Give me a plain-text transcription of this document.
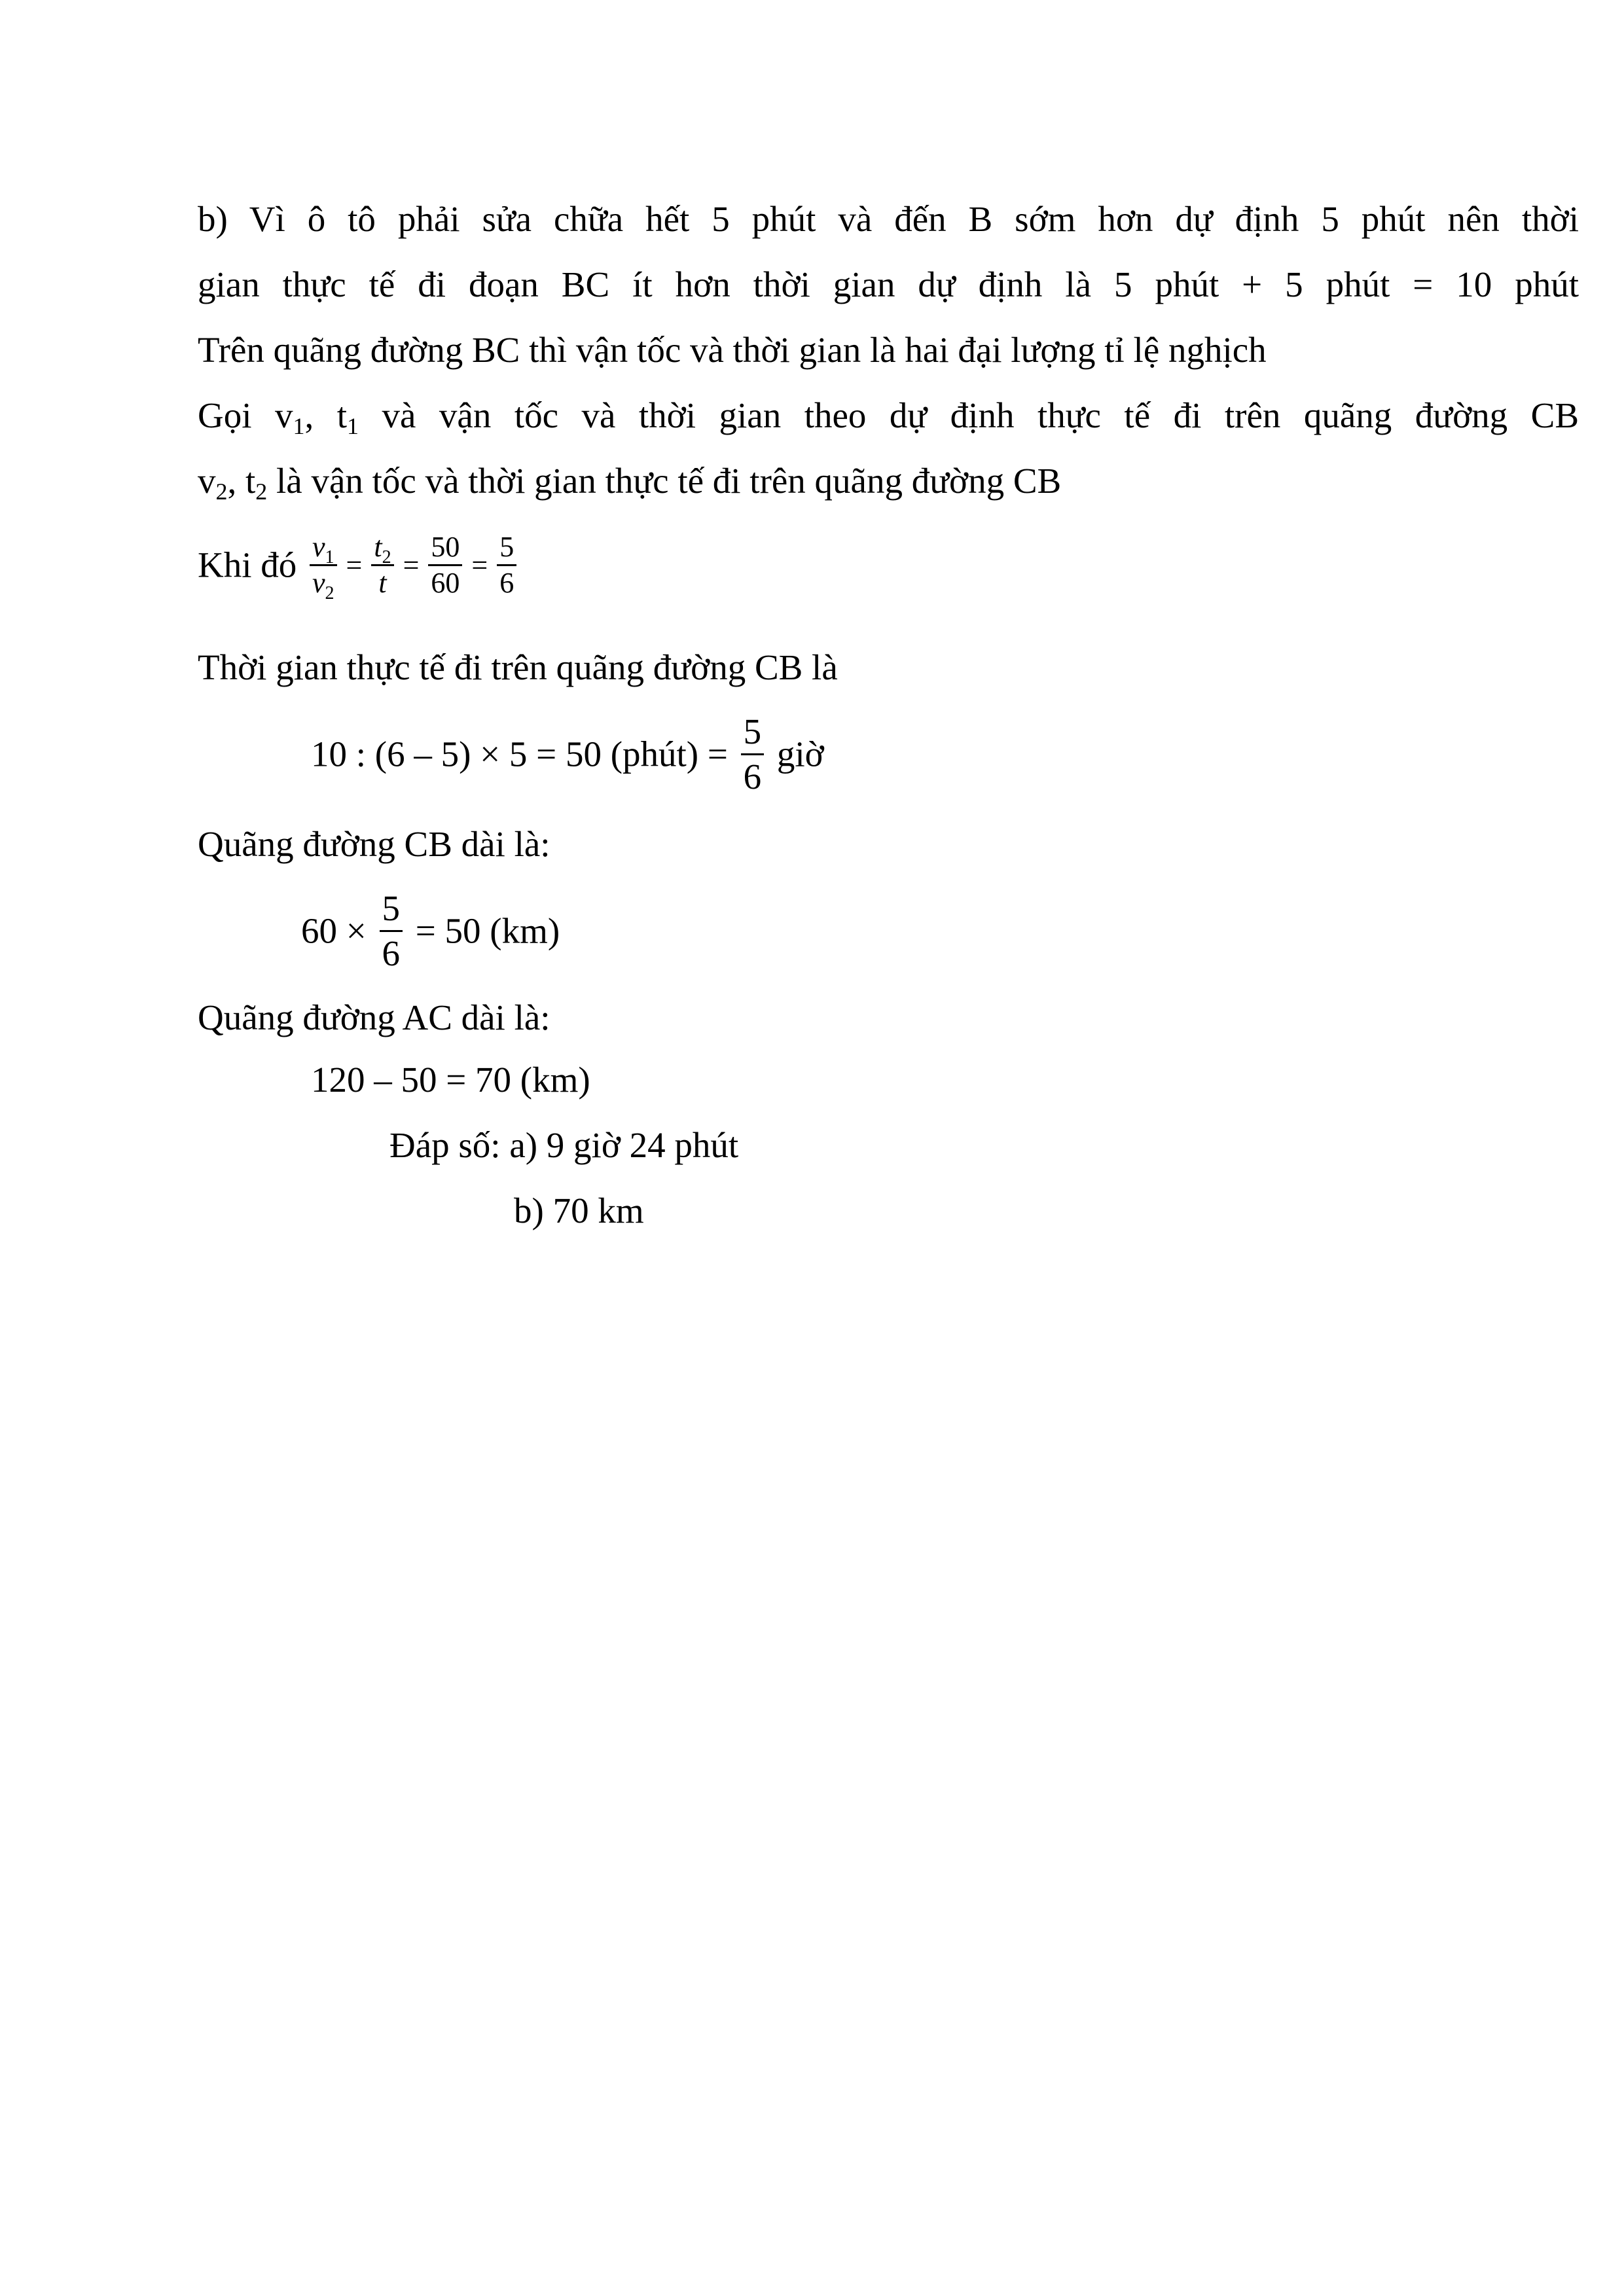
b) Vì ô tô phải sửa chữa hết 5 phút và đến B sớm hơn dự định 5 phút nên thời
gian thực tế đi đoạn BC ít hơn thời gian dự định là 5 phút + 5 phút = 10 phút
Trên quãng đường BC thì vận tốc và thời gian là hai đại lượng tỉ lệ nghịch
Gọi $v_1$, $t_1$ và vận tốc và thời gian theo dự định thực tế đi trên quãng đường CB
$v_2$, $t_2$ là vận tốc và thời gian thực tế đi trên quãng đường CB
Khi đó $\frac{v_1}{v_2} = \frac{t_2}{t} = \frac{50}{60} = \frac{5}{6}$
Thời gian thực tế đi trên quãng đường CB là
10 : (6 – 5) × 5 = 50 (phút) = $\frac{5}{6}$ giờ
Quãng đường CB dài là:
$60 \times \frac{5}{6} = 50$ (km)
Quãng đường AC dài là:
120 – 50 = 70 (km)
Đáp số: a) 9 giờ 24 phút
b) 70 km
